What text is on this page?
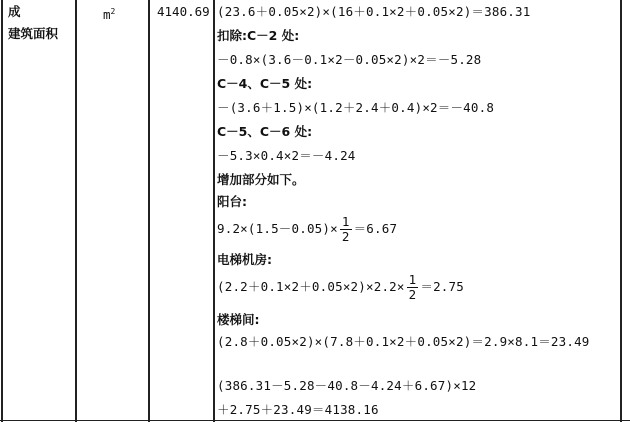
成
建筑面积
$m^2$	4140.69 (23.6＋0.05×2)×(16＋0.1×2＋0.05×2)＝386.31
扣除:C－2 处:
－0.8×(3.6－0.1×2－0.05×2)×2＝－5.28
C－4、C－5 处:
－(3.6＋1.5)×(1.2＋2.4＋0.4)×2＝－40.8
C－5、C－6 处:
－5.3×0.4×2＝－4.24
增加部分如下。
阳台:
$9.2\times(1.5-0.05)\times \frac{1}{2} =6.67$
电梯机房:
$(2.2+0.1\times 2+0.05\times 2)\times 2.2\times \frac{1}{2} =2.75$
楼梯间:
(2.8＋0.05×2)×(7.8＋0.1×2＋0.05×2)＝2.9×8.1＝23.49
(386.31－5.28－40.8－4.24＋6.67)×12
＋2.75＋23.49＝4138.16
